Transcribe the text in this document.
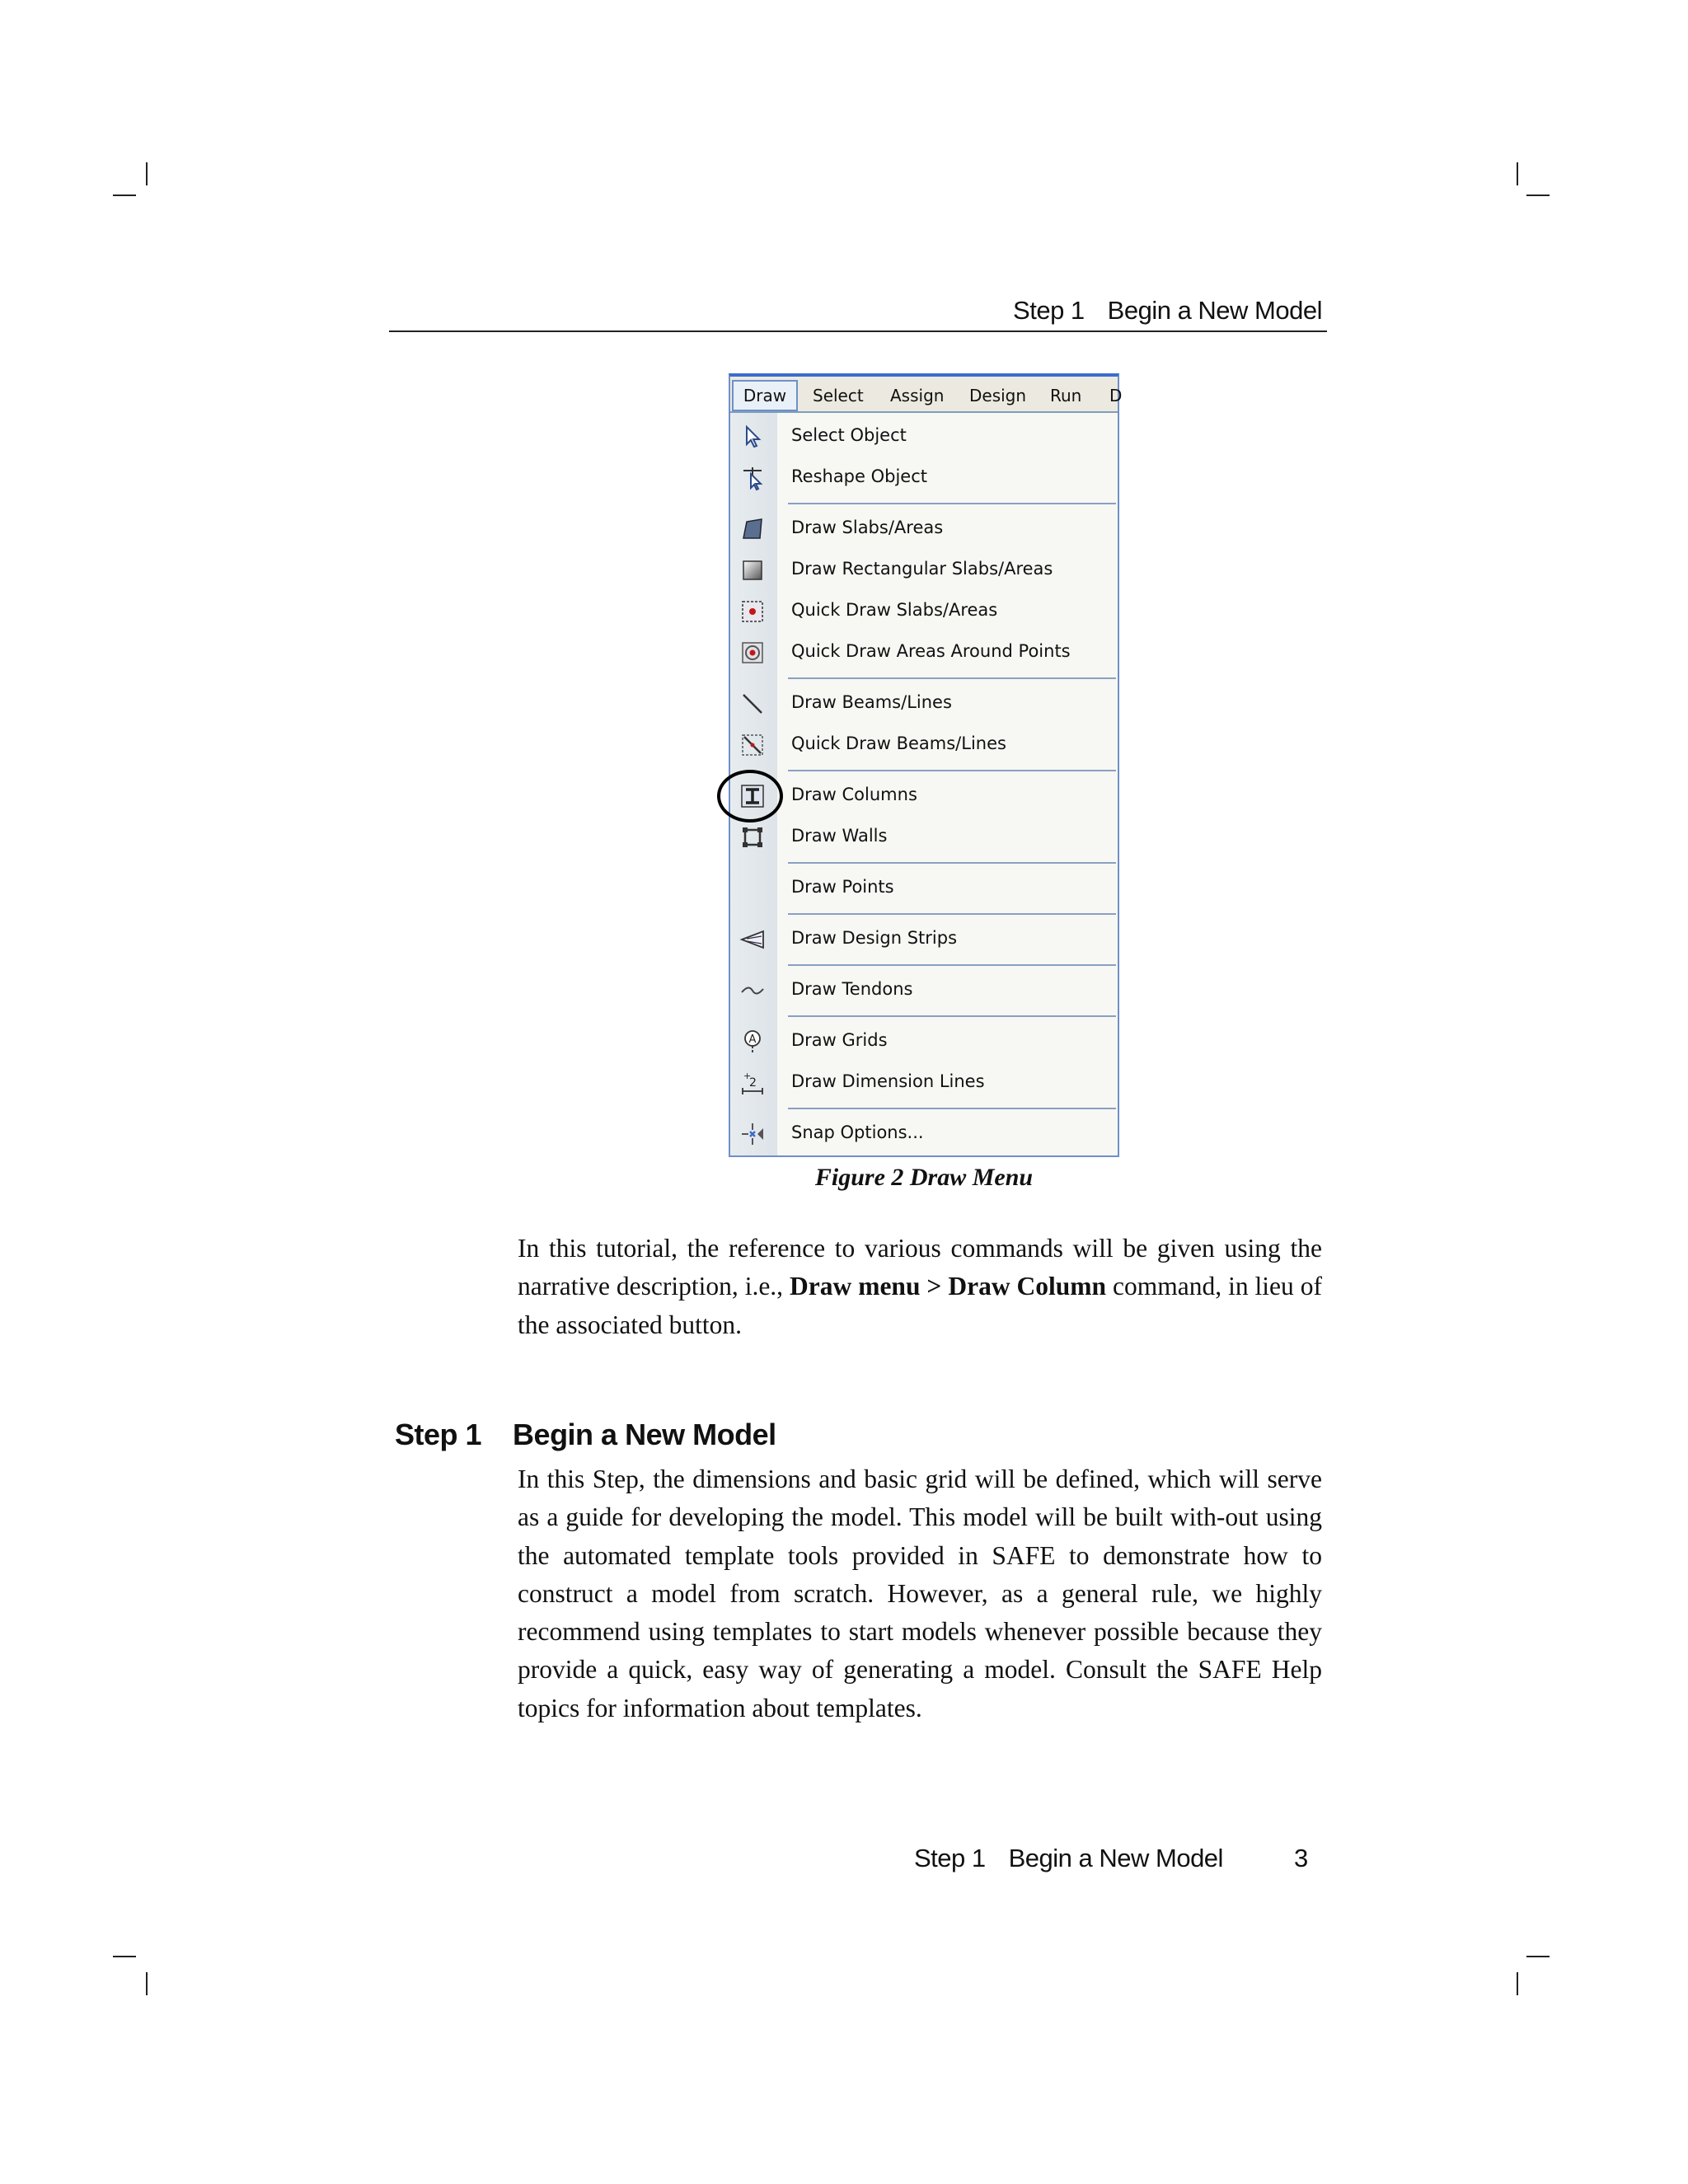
Step 1 Begin a New Model
Draw	Select Assign Design Run D
Select Object
Reshape Object
Draw Slabs/Areas
Draw Rectangular Slabs/Areas
Quick Draw Slabs/Areas
Quick Draw Areas Around Points
Draw Beams/Lines
Quick Draw Beams/Lines
Draw Columns
Draw Walls
Draw Points
Draw Design Strips
Draw Tendons
A Draw Grids
+
2 Draw Dimension Lines
Snap Options...
Figure 2 Draw Menu

In this tutorial, the reference to various commands will be given using the narrative description, i.e., Draw menu > Draw Column command, in lieu of the associated button.

Step 1 Begin a New Model

In this Step, the dimensions and basic grid will be defined, which will serve as a guide for developing the model. This model will be built with-out using the automated template tools provided in SAFE to demonstrate how to construct a model from scratch. However, as a general rule, we highly recommend using templates to start models whenever possible because they provide a quick, easy way of generating a model. Consult the SAFE Help topics for information about templates.

Step 1 Begin a New Model	3
